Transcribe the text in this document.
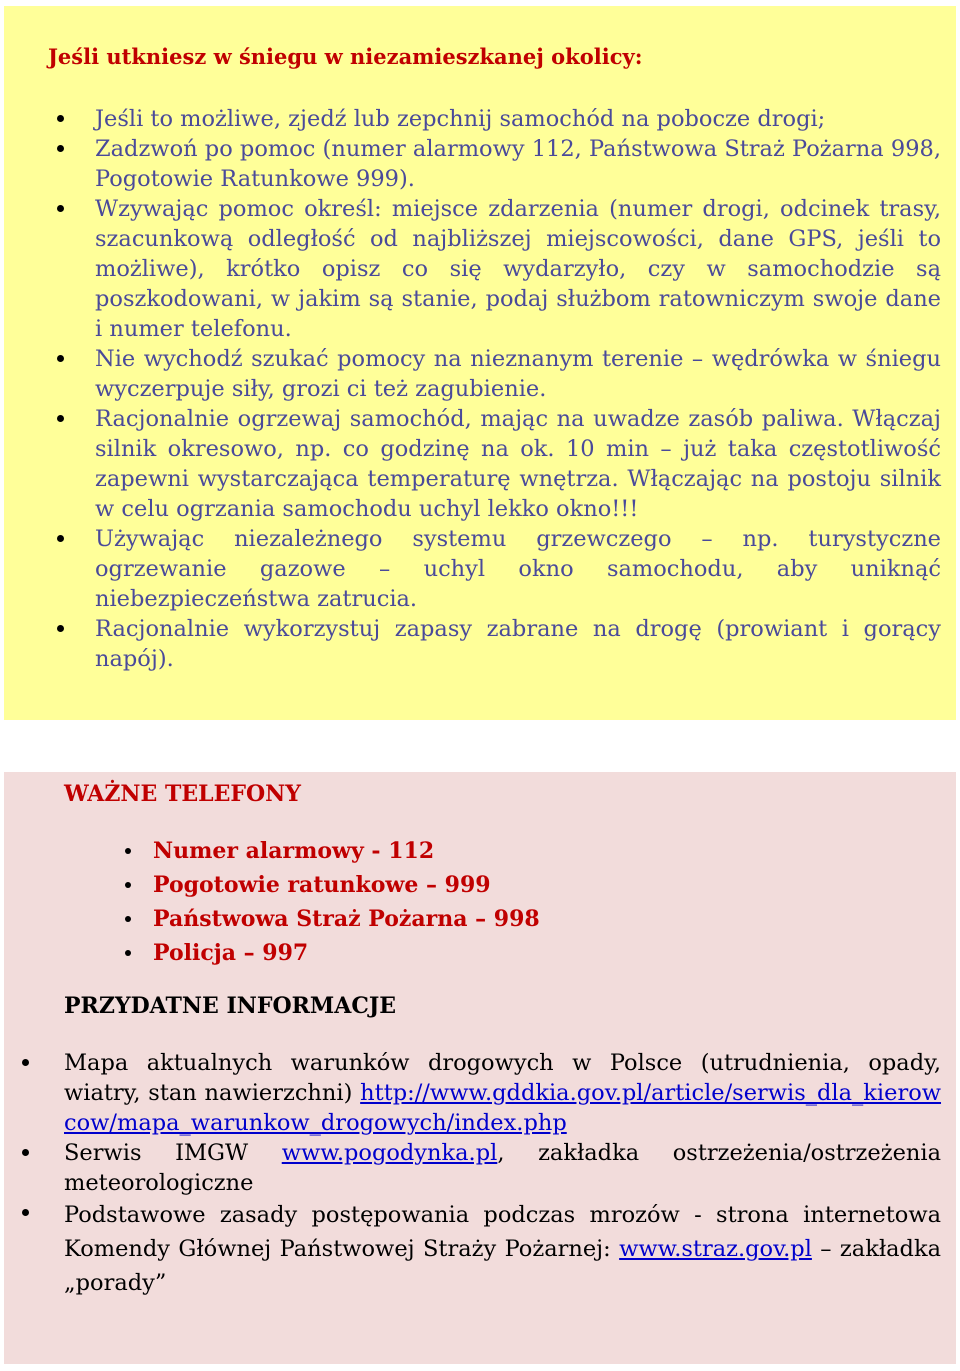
Jeśli utkniesz w śniegu w niezamieszkanej okolicy:
Jeśli to możliwe, zjedź lub zepchnij samochód na pobocze drogi;
Zadzwoń po pomoc (numer alarmowy 112, Państwowa Straż Pożarna 998, Pogotowie Ratunkowe 999).
Wzywając pomoc określ: miejsce zdarzenia (numer drogi, odcinek trasy, szacunkową odległość od najbliższej miejscowości, dane GPS, jeśli to możliwe), krótko opisz co się wydarzyło, czy w samochodzie są poszkodowani, w jakim są stanie, podaj służbom ratowniczym swoje dane i numer telefonu.
Nie wychodź szukać pomocy na nieznanym terenie – wędrówka w śniegu wyczerpuje siły, grozi ci też zagubienie.
Racjonalnie ogrzewaj samochód, mając na uwadze zasób paliwa. Włączaj silnik okresowo, np. co godzinę na ok. 10 min – już taka częstotliwość zapewni wystarczająca temperaturę wnętrza. Włączając na postoju silnik w celu ogrzania samochodu uchyl lekko okno!!!
Używając niezależnego systemu grzewczego – np. turystyczne ogrzewanie gazowe – uchyl okno samochodu, aby uniknąć niebezpieczeństwa zatrucia.
Racjonalnie wykorzystuj zapasy zabrane na drogę (prowiant i gorący napój).
WAŻNE TELEFONY
Numer alarmowy - 112
Pogotowie ratunkowe – 999
Państwowa Straż Pożarna – 998
Policja – 997
PRZYDATNE INFORMACJE
Mapa aktualnych warunków drogowych w Polsce (utrudnienia, opady, wiatry, stan nawierzchni) http://www.gddkia.gov.pl/article/serwis_dla_kierowcow/mapa_warunkow_drogowych/index.php
Serwis IMGW www.pogodynka.pl, zakładka ostrzeżenia/ostrzeżenia meteorologiczne
Podstawowe zasady postępowania podczas mrozów - strona internetowa Komendy Głównej Państwowej Straży Pożarnej: www.straz.gov.pl – zakładka „porady”
